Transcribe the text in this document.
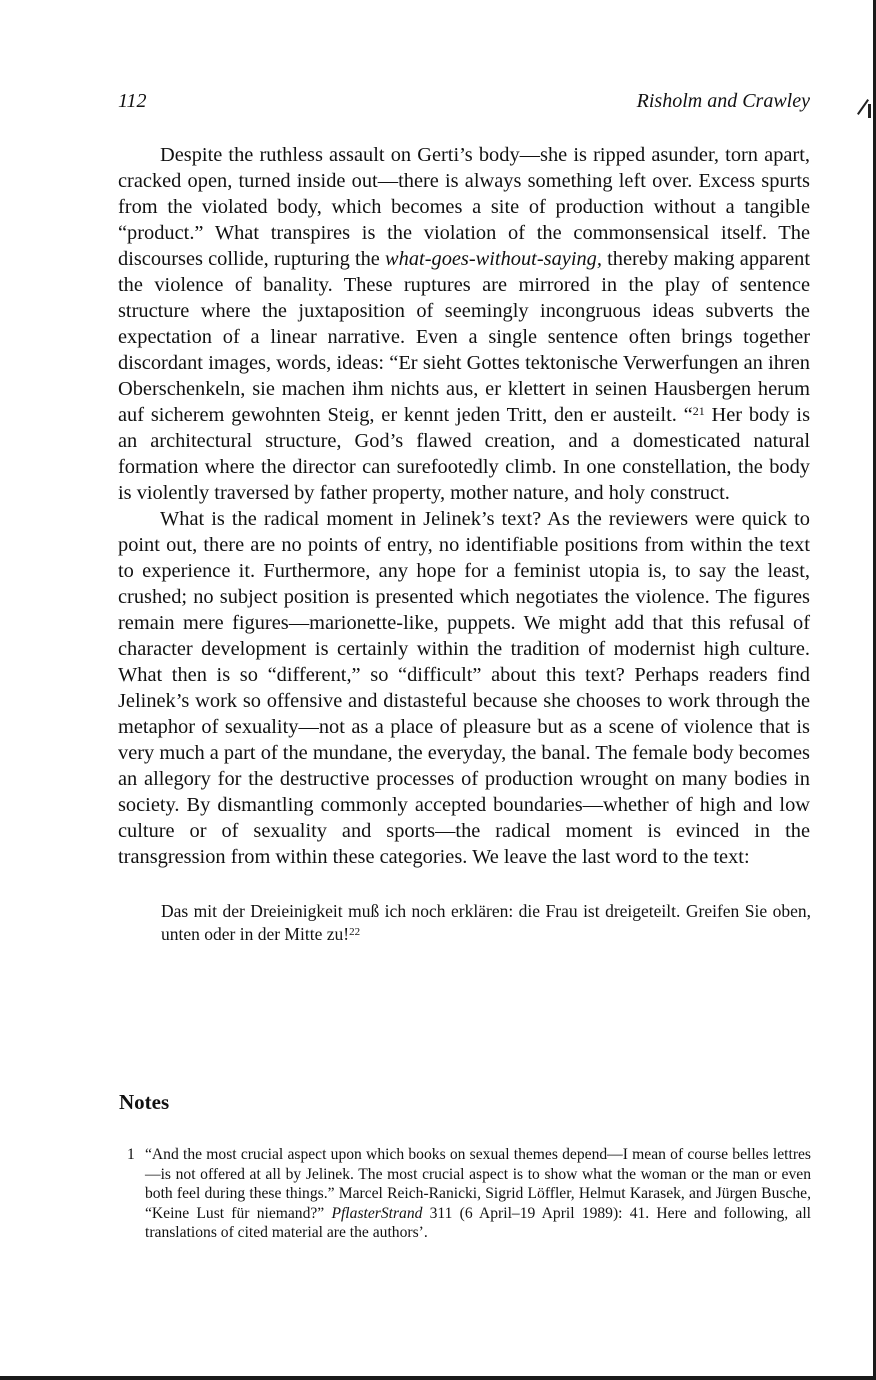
112	Risholm and Crawley

Despite the ruthless assault on Gerti’s body—she is ripped asunder, torn apart, cracked open, turned inside out—there is always something left over. Excess spurts from the violated body, which becomes a site of production without a tangible “product.” What transpires is the violation of the commonsensical itself. The discourses collide, rupturing the what-goes-without-saying, thereby making apparent the violence of banality. These ruptures are mirrored in the play of sentence structure where the juxtaposition of seemingly incongruous ideas subverts the expectation of a linear narrative. Even a single sentence often brings together discordant images, words, ideas: “Er sieht Gottes tektonische Verwerfungen an ihren Oberschenkeln, sie machen ihm nichts aus, er klettert in seinen Hausbergen herum auf sicherem gewohnten Steig, er kennt jeden Tritt, den er austeilt. “$^{21}$ Her body is an architectural structure, God’s flawed creation, and a domesticated natural formation where the director can surefootedly climb. In one constellation, the body is violently traversed by father property, mother nature, and holy construct.

What is the radical moment in Jelinek’s text? As the reviewers were quick to point out, there are no points of entry, no identifiable positions from within the text to experience it. Furthermore, any hope for a feminist utopia is, to say the least, crushed; no subject position is presented which negotiates the violence. The figures remain mere figures—marionette-like, puppets. We might add that this refusal of character development is certainly within the tradition of modernist high culture. What then is so “different,” so “difficult” about this text? Perhaps readers find Jelinek’s work so offensive and distasteful because she chooses to work through the metaphor of sexuality—not as a place of pleasure but as a scene of violence that is very much a part of the mundane, the everyday, the banal. The female body becomes an allegory for the destructive processes of production wrought on many bodies in society. By dismantling commonly accepted boundaries—whether of high and low culture or of sexuality and sports—the radical moment is evinced in the transgression from within these categories. We leave the last word to the text:

Das mit der Dreieinigkeit muß ich noch erklären: die Frau ist dreigeteilt. Greifen Sie oben, unten oder in der Mitte zu!$^{22}$
Notes
1 “And the most crucial aspect upon which books on sexual themes depend—I mean of course belles lettres—is not offered at all by Jelinek. The most crucial aspect is to show what the woman or the man or even both feel during these things.” Marcel Reich-Ranicki, Sigrid Löffler, Helmut Karasek, and Jürgen Busche, “Keine Lust für niemand?” PflasterStrand 311 (6 April–19 April 1989): 41. Here and following, all translations of cited material are the authors’.
